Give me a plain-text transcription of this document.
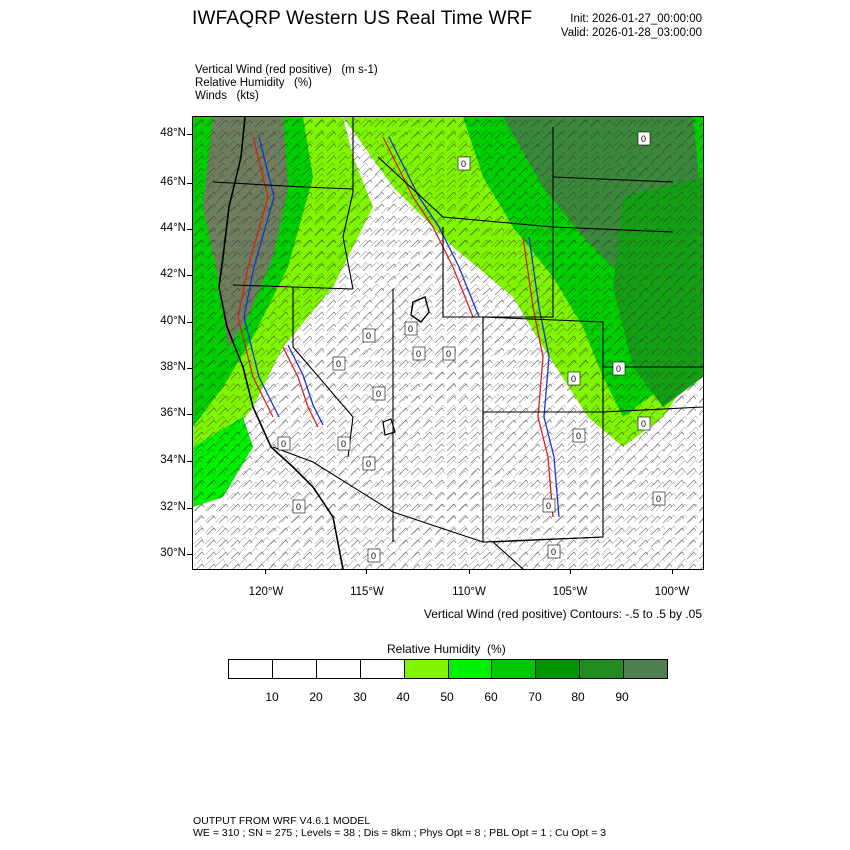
IWFAQRP Western US Real Time WRF	Init: 2026-01-27_00:00:00
Valid: 2026-01-28_03:00:00
Vertical Wind (red positive)   (m s-1)
Relative Humidity   (%)
Winds   (kts)
0
0
0
0
0	0
0
0	0
0
0
0
0
0
0
0
0
0
0
0
48°N
46°N
44°N
42°N
40°N
38°N
36°N
34°N
32°N
30°N
120°W	115°W	110°W	105°W	100°W
Vertical Wind (red positive) Contours: -.5 to .5 by .05
Relative Humidity  (%)
10	20	30 40	50	60	70 80	90
OUTPUT FROM WRF V4.6.1 MODEL
WE = 310 ; SN = 275 ; Levels = 38 ; Dis = 8km ; Phys Opt = 8 ; PBL Opt = 1 ; Cu Opt = 3
